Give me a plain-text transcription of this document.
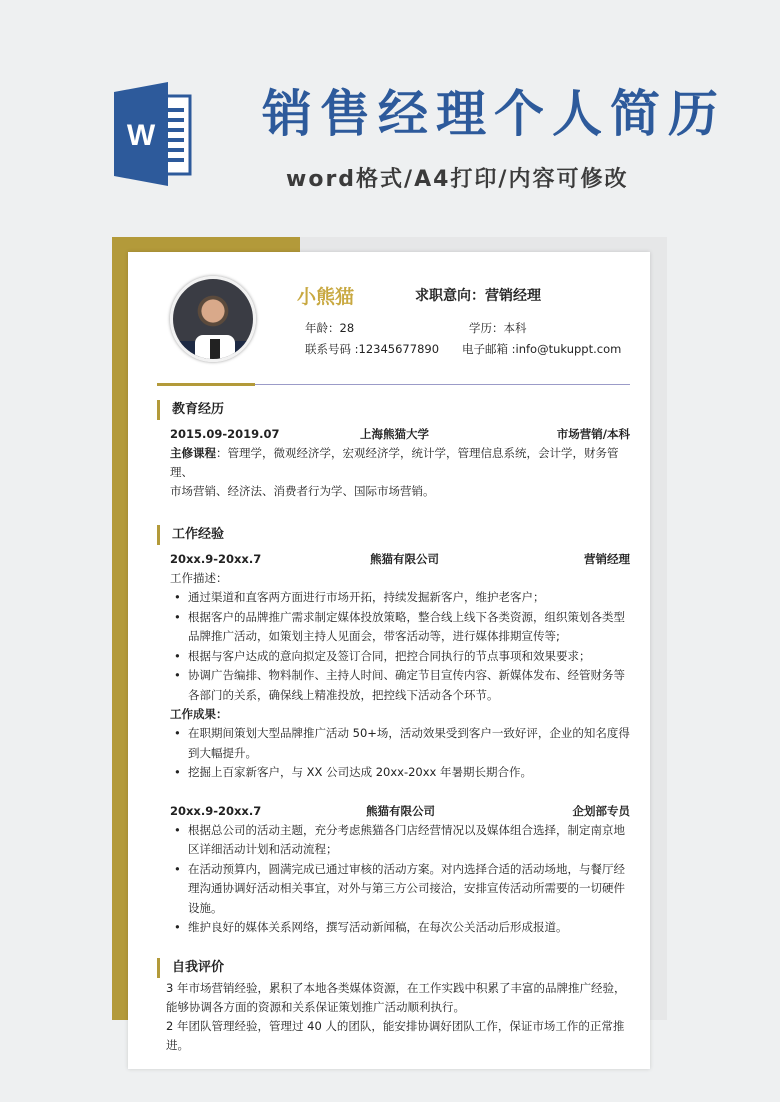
W 销售经理个人简历
word格式/A4打印/内容可修改
小熊猫	求职意向：营销经理
年龄：28	学历：本科
联系号码 :12345677890 电子邮箱 :info@tukuppt.com
教育经历
2015.09-2019.07	上海熊猫大学	市场营销/本科
主修课程：管理学，微观经济学，宏观经济学，统计学，管理信息系统，会计学，财务管理、
市场营销、经济法、消费者行为学、国际市场营销。
工作经验
20xx.9-20xx.7	熊猫有限公司	营销经理
工作描述：
• 通过渠道和直客两方面进行市场开拓，持续发掘新客户，维护老客户；
• 根据客户的品牌推广需求制定媒体投放策略，整合线上线下各类资源，组织策划各类型品牌推广活动，如策划主持人见面会，带客活动等，进行媒体排期宣传等;
• 根据与客户达成的意向拟定及签订合同，把控合同执行的节点事项和效果要求；
• 协调广告编排、物料制作、主持人时间、确定节目宣传内容、新媒体发布、经管财务等各部门的关系，确保线上精准投放，把控线下活动各个环节。
工作成果：
• 在职期间策划大型品牌推广活动 50+场，活动效果受到客户一致好评，企业的知名度得到大幅提升。
• 挖掘上百家新客户，与 XX 公司达成 20xx-20xx 年暑期长期合作。
20xx.9-20xx.7	熊猫有限公司	企划部专员
• 根据总公司的活动主题，充分考虑熊猫各门店经营情况以及媒体组合选择，制定南京地区详细活动计划和活动流程；
• 在活动预算内，圆满完成已通过审核的活动方案。对内选择合适的活动场地，与餐厅经理沟通协调好活动相关事宜，对外与第三方公司接洽，安排宣传活动所需要的一切硬件设施。
• 维护良好的媒体关系网络，撰写活动新闻稿，在每次公关活动后形成报道。
自我评价
3 年市场营销经验，累积了本地各类媒体资源，在工作实践中积累了丰富的品牌推广经验，
能够协调各方面的资源和关系保证策划推广活动顺利执行。
2 年团队管理经验，管理过 40 人的团队，能安排协调好团队工作，保证市场工作的正常推进。
